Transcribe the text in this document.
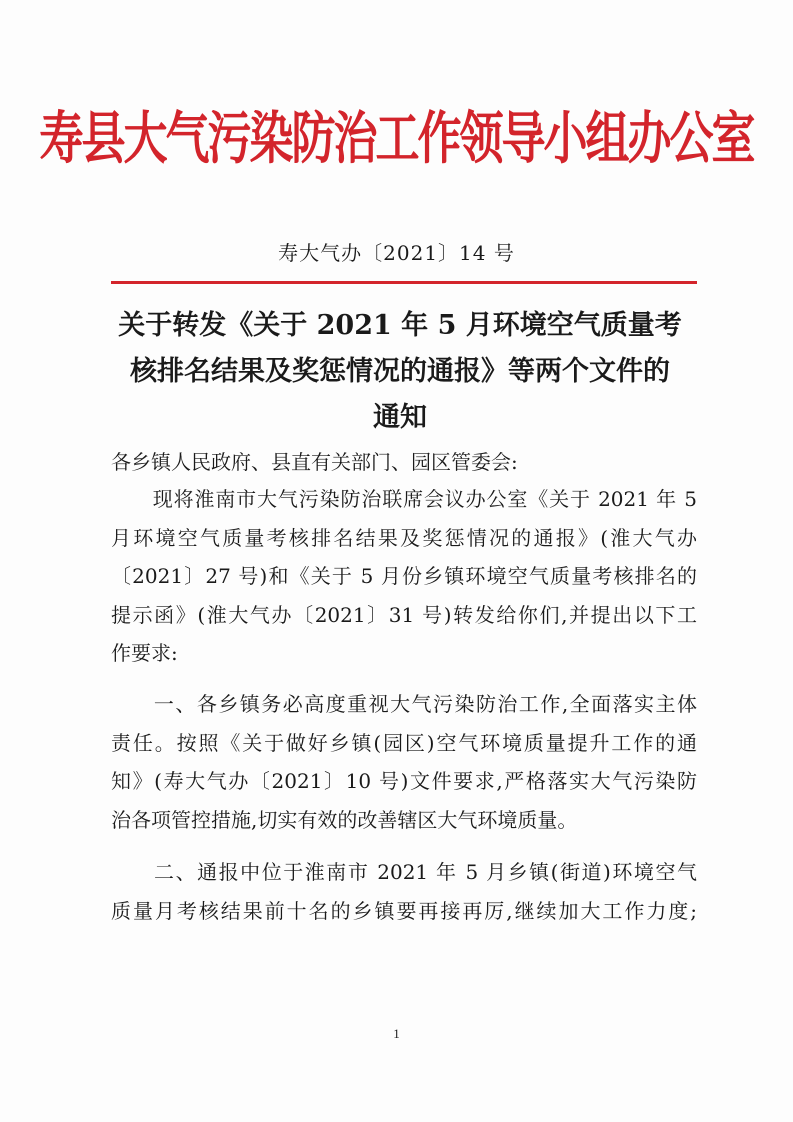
寿县大气污染防治工作领导小组办公室
寿大气办〔2021〕14 号
关于转发《关于 2021 年 5 月环境空气质量考
核排名结果及奖惩情况的通报》等两个文件的
通知
各乡镇人民政府、县直有关部门、园区管委会:
　　现将淮南市大气污染防治联席会议办公室《关于 2021 年 5
月环境空气质量考核排名结果及奖惩情况的通报》(淮大气办
〔2021〕27 号)和《关于 5 月份乡镇环境空气质量考核排名的
提示函》(淮大气办〔2021〕31 号)转发给你们,并提出以下工
作要求:
　　一、各乡镇务必高度重视大气污染防治工作,全面落实主体
责任。按照《关于做好乡镇(园区)空气环境质量提升工作的通
知》(寿大气办〔2021〕10 号)文件要求,严格落实大气污染防
治各项管控措施,切实有效的改善辖区大气环境质量。
　　二、通报中位于淮南市 2021 年 5 月乡镇(街道)环境空气
质量月考核结果前十名的乡镇要再接再厉,继续加大工作力度;
1
